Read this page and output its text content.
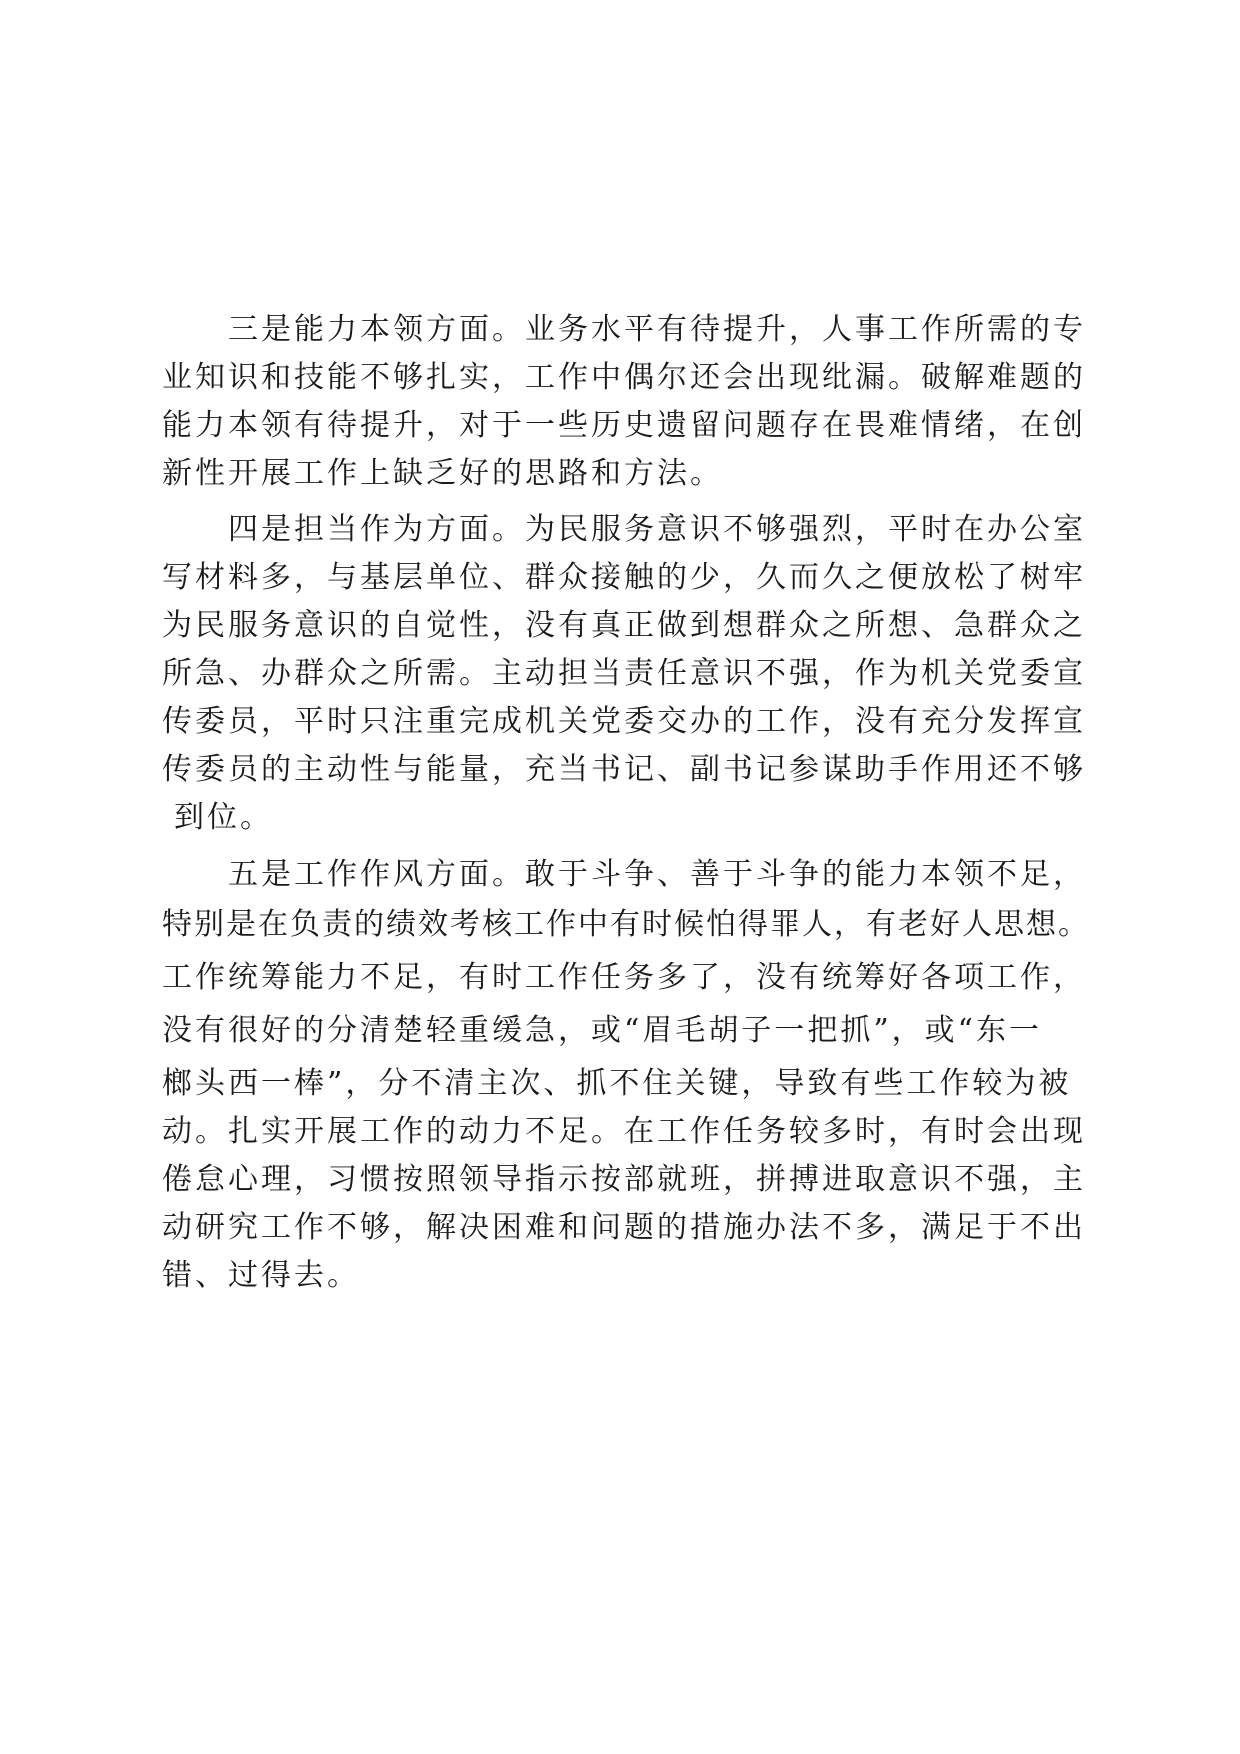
三是能力本领方面。业务水平有待提升，人事工作所需的专
业知识和技能不够扎实，工作中偶尔还会出现纰漏。破解难题的
能力本领有待提升，对于一些历史遗留问题存在畏难情绪，在创
新性开展工作上缺乏好的思路和方法。
四是担当作为方面。为民服务意识不够强烈，平时在办公室
写材料多，与基层单位、群众接触的少，久而久之便放松了树牢
为民服务意识的自觉性，没有真正做到想群众之所想、急群众之
所急、办群众之所需。主动担当责任意识不强，作为机关党委宣
传委员，平时只注重完成机关党委交办的工作，没有充分发挥宣
传委员的主动性与能量，充当书记、副书记参谋助手作用还不够
到位。
五是工作作风方面。敢于斗争、善于斗争的能力本领不足，
特别是在负责的绩效考核工作中有时候怕得罪人，有老好人思想。
工作统筹能力不足，有时工作任务多了，没有统筹好各项工作，
没有很好的分清楚轻重缓急，或“眉毛胡子一把抓”，或“东一
榔头西一棒”，分不清主次、抓不住关键，导致有些工作较为被
动。扎实开展工作的动力不足。在工作任务较多时，有时会出现
倦怠心理，习惯按照领导指示按部就班，拼搏进取意识不强，主
动研究工作不够，解决困难和问题的措施办法不多，满足于不出
错、过得去。
